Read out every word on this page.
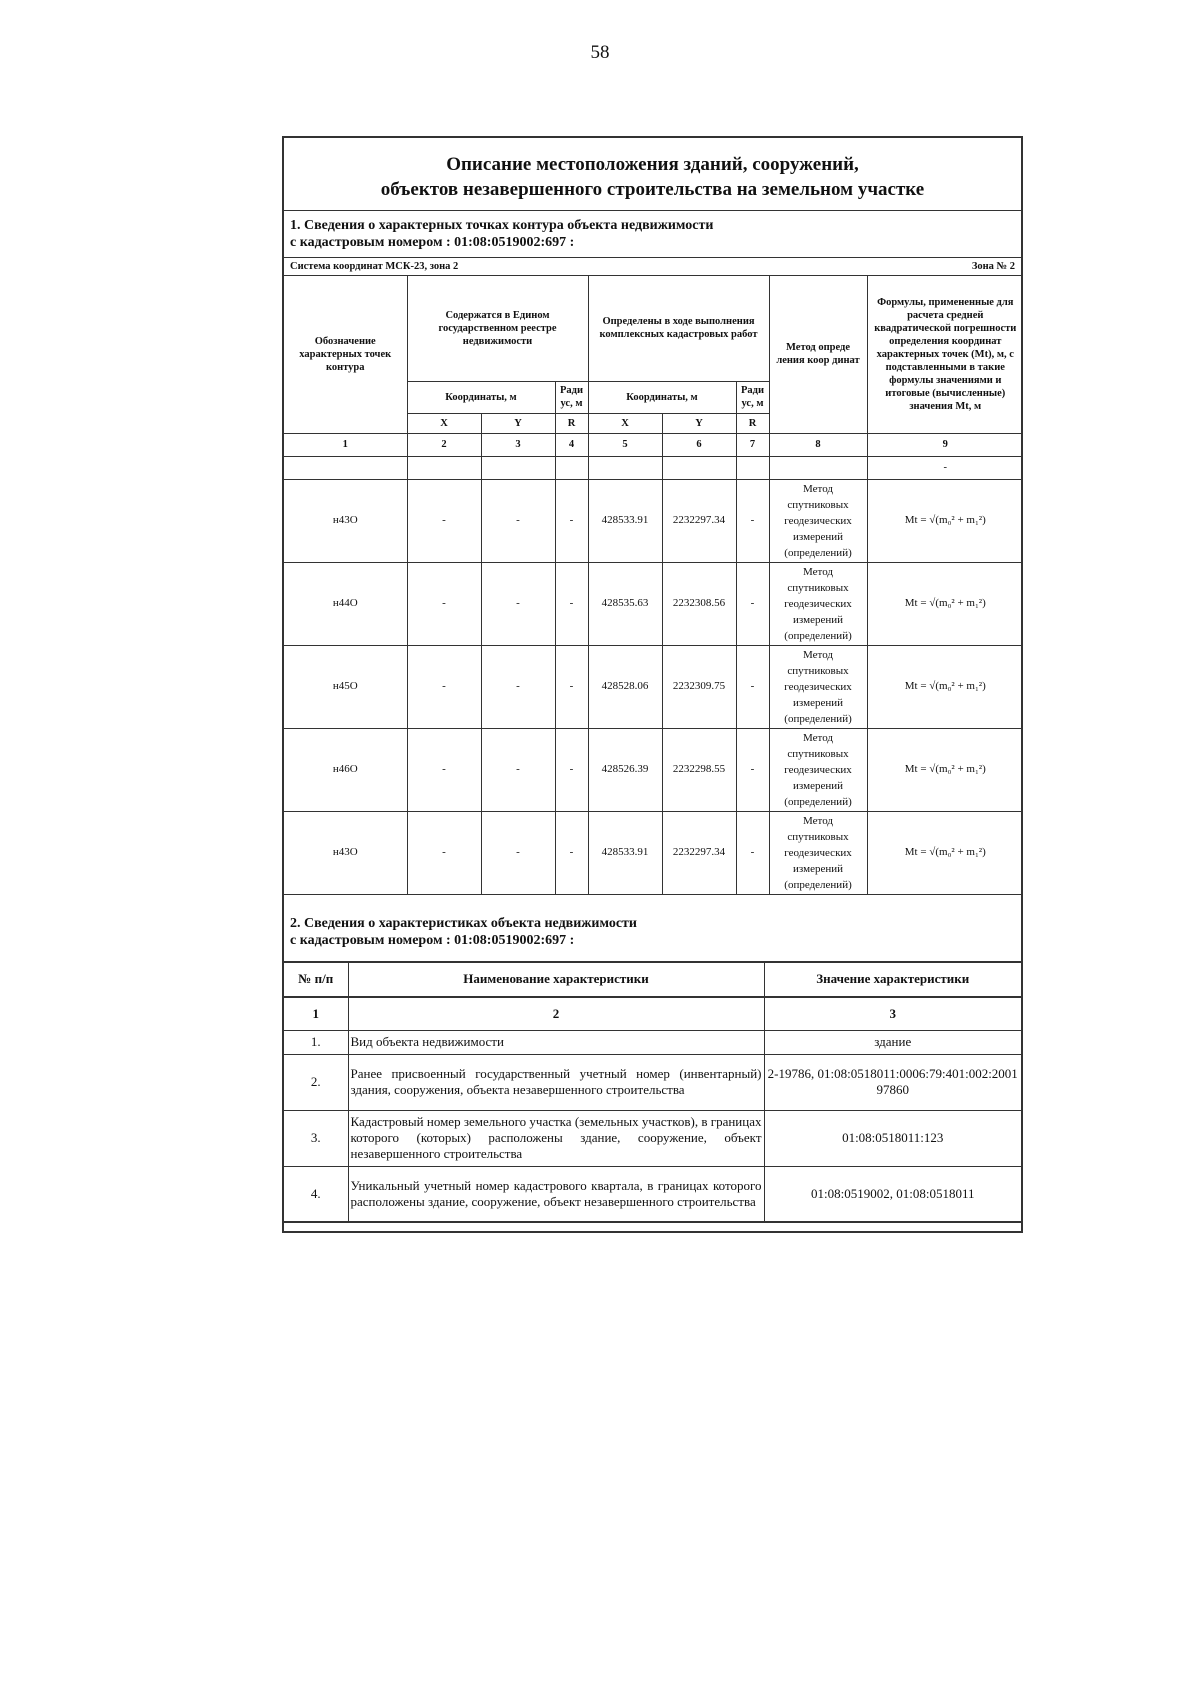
58
Описание местоположения зданий, сооружений,
объектов незавершенного строительства на земельном участке
1. Сведения о характерных точках контура объекта недвижимости
с кадастровым номером : 01:08:0519002:697 :
Система координат МСК-23, зона 2	Зона № 2
Обозначение характерных точек контура	Содержатся в Едином государственном реестре недвижимости			Определены в ходе выполнения комплексных кадастровых работ			Метод опреде ления коор динат	Формулы, примененные для расчета средней квадратической погрешности определения координат характерных точек (Mt), м, с подставленными в такие формулы значениями и итоговые (вычисленные) значения Mt, м
	Координаты, м		Ради ус, м	Координаты, м		Ради ус, м		
	X	Y	R	X	Y	R		
1	2	3	4	5	6	7	8	9
								-
н43О	-	-	-	428533.91	2232297.34	-	Метод спутниковых геодезических измерений (определений)	Mt = √(m₀² + m₁²)
н44О	-	-	-	428535.63	2232308.56	-	Метод спутниковых геодезических измерений (определений)	Mt = √(m₀² + m₁²)
н45О	-	-	-	428528.06	2232309.75	-	Метод спутниковых геодезических измерений (определений)	Mt = √(m₀² + m₁²)
н46О	-	-	-	428526.39	2232298.55	-	Метод спутниковых геодезических измерений (определений)	Mt = √(m₀² + m₁²)
н43О	-	-	-	428533.91	2232297.34	-	Метод спутниковых геодезических измерений (определений)	Mt = √(m₀² + m₁²)
2. Сведения о характеристиках объекта недвижимости
с кадастровым номером : 01:08:0519002:697 :
№ п/п	Наименование характеристики	Значение характеристики
1	2	3
1.	Вид объекта недвижимости	здание
2.	Ранее присвоенный государственный учетный номер (инвентарный) здания, сооружения, объекта незавершенного строительства	2-19786, 01:08:0518011:0006:79:401:002:200197860
3.	Кадастровый номер земельного участка (земельных участков), в границах которого (которых) расположены здание, сооружение, объект незавершенного строительства	01:08:0518011:123
4.	Уникальный учетный номер кадастрового квартала, в границах которого расположены здание, сооружение, объект незавершенного строительства	01:08:0519002, 01:08:0518011
